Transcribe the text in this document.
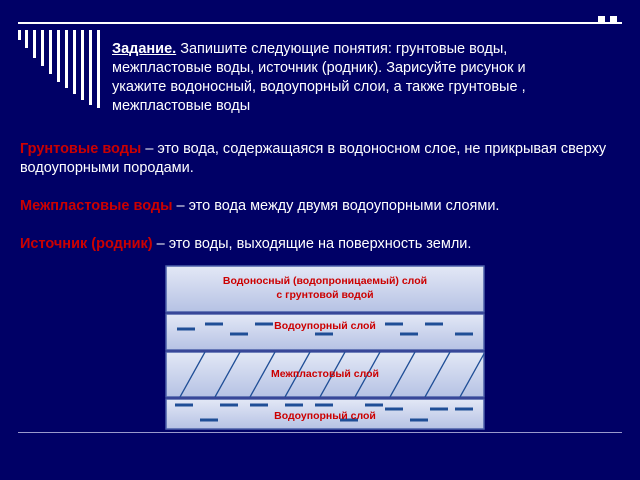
Задание. Запишите следующие понятия: грунтовые воды, межпластовые воды, источник (родник). Зарисуйте рисунок и укажите водоносный, водоупорный слои, а также грунтовые , межпластовые воды

Грунтовые воды – это вода, содержащаяся в водоносном слое, не прикрывая сверху водоупорными породами.

Межпластовые воды – это вода между двумя водоупорными слоями.

Источник (родник) – это воды, выходящие на поверхность земли.

Водоносный (водопроницаемый) слой
с грунтовой водой
Водоупорный слой
Межпластовый слой
Водоупорный слой
